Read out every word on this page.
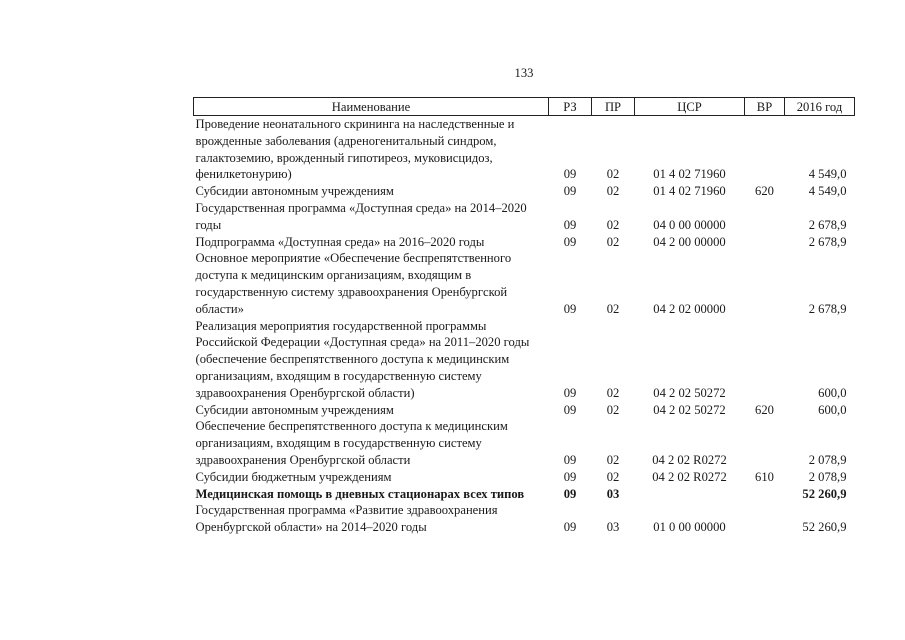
133
Наименование	РЗ	ПР	ЦСР	ВР	2016 год
Проведение неонатального скрининга на наследственные и врожденные заболевания (адреногенитальный синдром, галактоземию, врожденный гипотиреоз, муковисцидоз, фенилкетонурию)	09	02	01 4 02 71960		4 549,0
Субсидии автономным учреждениям	09	02	01 4 02 71960	620	4 549,0
Государственная программа «Доступная среда» на 2014–2020 годы	09	02	04 0 00 00000		2 678,9
Подпрограмма «Доступная среда» на 2016–2020 годы	09	02	04 2 00 00000		2 678,9
Основное мероприятие «Обеспечение беспрепятственного доступа к медицинским организациям, входящим в государственную систему здравоохранения Оренбургской области»	09	02	04 2 02 00000		2 678,9
Реализация мероприятия государственной программы Российской Федерации «Доступная среда» на 2011–2020 годы (обеспечение беспрепятственного доступа к медицинским организациям, входящим в государственную систему здравоохранения Оренбургской области)	09	02	04 2 02 50272		600,0
Субсидии автономным учреждениям	09	02	04 2 02 50272	620	600,0
Обеспечение беспрепятственного доступа к медицинским организациям, входящим в государственную систему здравоохранения Оренбургской области	09	02	04 2 02 R0272		2 078,9
Субсидии бюджетным учреждениям	09	02	04 2 02 R0272	610	2 078,9
Медицинская помощь в дневных стационарах всех типов	09	03			52 260,9
Государственная программа «Развитие здравоохранения Оренбургской области» на 2014–2020 годы	09	03	01 0 00 00000		52 260,9
